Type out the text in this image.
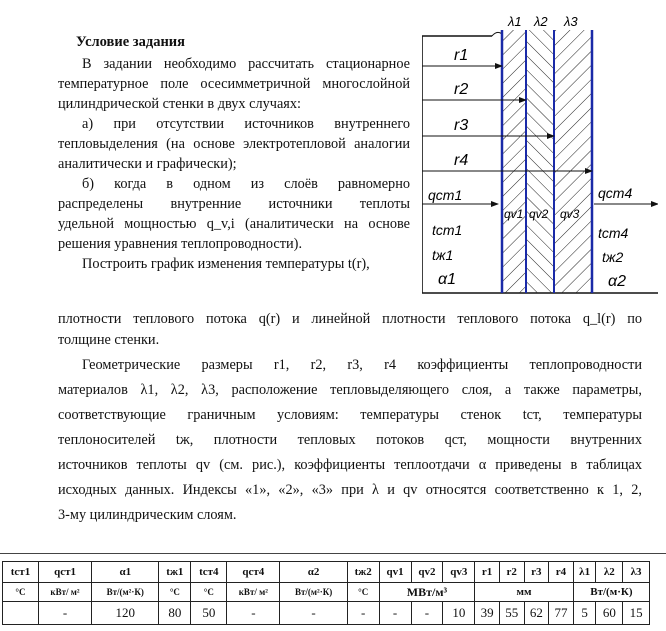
Условие задания
В задании необходимо рассчитать стационарное
температурное поле осесимметричной многослойной
цилиндрической стенки в двух случаях:
а) при отсутствии источников внутреннего
тепловыделения (на основе электротепловой аналогии
аналитически и графически);
б) когда в одном из слоёв равномерно
распределены внутренние источники теплоты
удельной мощностью q_v,i (аналитически на основе
решения уравнения теплопроводности).
Построить график изменения температуры t(r),
плотности теплового потока q(r) и линейной плотности теплового потока q_l(r) по
толщине стенки.
Геометрические размеры r1, r2, r3, r4 коэффициенты теплопроводности
материалов λ1, λ2, λ3, расположение тепловыделяющего слоя, а также параметры,
соответствующие граничным условиям: температуры стенок tст, температуры
теплоносителей tж, плотности тепловых потоков qст, мощности внутренних
источников теплоты qv (см. рис.), коэффициенты теплоотдачи α приведены в таблицах
исходных данных. Индексы «1», «2», «3» при λ и qv относятся соответственно к 1, 2,
3-му цилиндрическим слоям.
λ1 λ2 λ3
r1
r2
r3
r4
qcm1
tcm1
tж1
α1
qv1 qv2 qv3
qcm4
tcm4
tж2
α2
tст1	qст1	α1	tж1	tст4	qст4	α2	tж2	qv1	qv2	qv3	r1	r2	r3	r4	λ1	λ2	λ3
°C	кВт/ м²	Вт/(м²·К)	°C	°C	кВт/ м²	Вт/(м²·К)	°C	МВт/м³			мм				Вт/(м·К)		
	-	120	80	50	-	-	-	-	-	10	39	55	62	77	5	60	15
